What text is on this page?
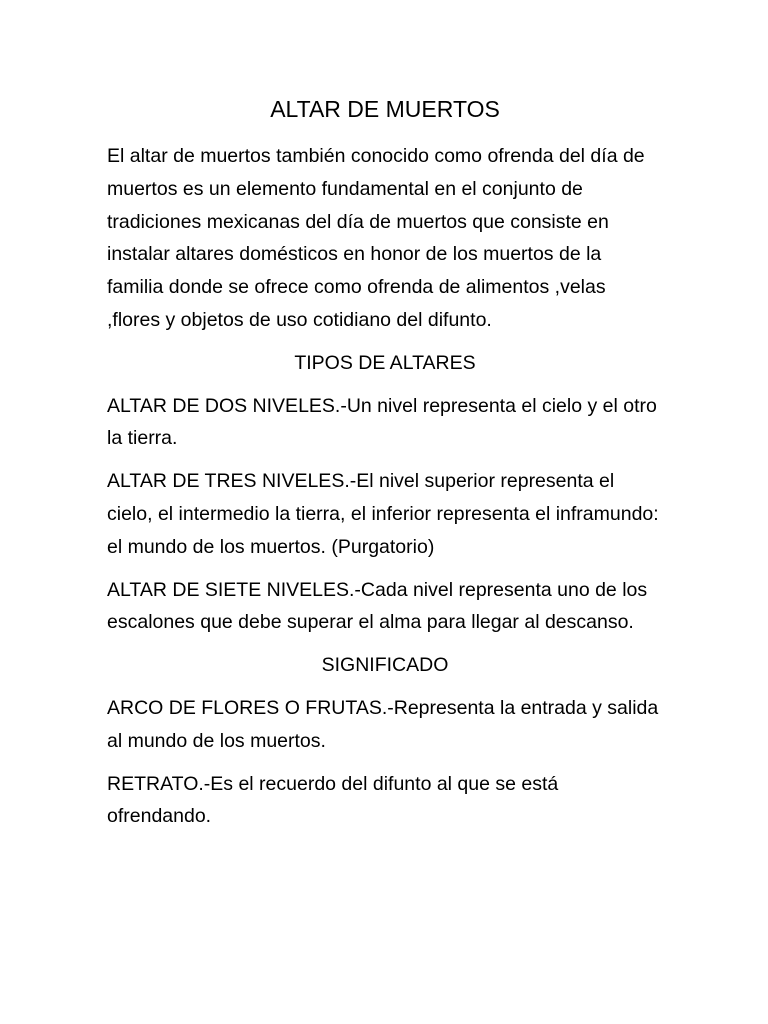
ALTAR DE MUERTOS

El altar de muertos también conocido como ofrenda del día de muertos es un elemento fundamental en el conjunto de tradiciones mexicanas del día de muertos que consiste en instalar altares domésticos en honor de los muertos de la familia donde se ofrece como ofrenda de alimentos ,velas ,flores y objetos de uso cotidiano del difunto.

TIPOS DE ALTARES

ALTAR DE DOS NIVELES.-Un nivel representa el cielo y el otro la tierra.

ALTAR DE TRES NIVELES.-El nivel superior representa el cielo, el intermedio la tierra, el inferior representa el inframundo: el mundo de los muertos. (Purgatorio)

ALTAR DE SIETE NIVELES.-Cada nivel representa uno de los escalones que debe superar el alma para llegar al descanso.

SIGNIFICADO

ARCO DE FLORES O FRUTAS.-Representa la entrada y salida al mundo de los muertos.

RETRATO.-Es el recuerdo del difunto al que se está ofrendando.
